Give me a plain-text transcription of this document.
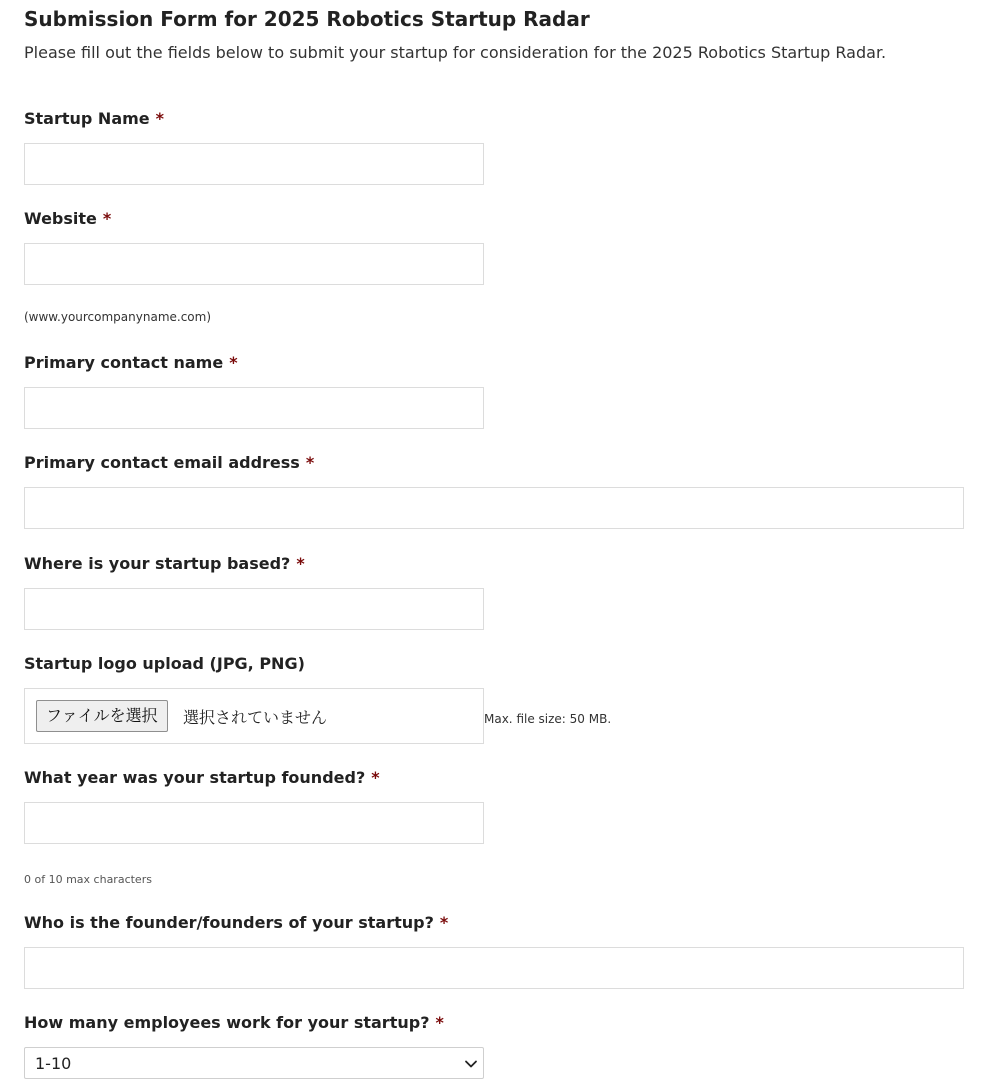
Submission Form for 2025 Robotics Startup Radar

Please fill out the fields below to submit your startup for consideration for the 2025 Robotics Startup Radar.

Startup Name *
Website *
(www.yourcompanyname.com)
Primary contact name *
Primary contact email address *
Where is your startup based? *
Startup logo upload (JPG, PNG)
ファイルを選択	選択されていません	Max. file size: 50 MB.
What year was your startup founded? *
0 of 10 max characters
Who is the founder/founders of your startup? *
How many employees work for your startup? *
1-10
